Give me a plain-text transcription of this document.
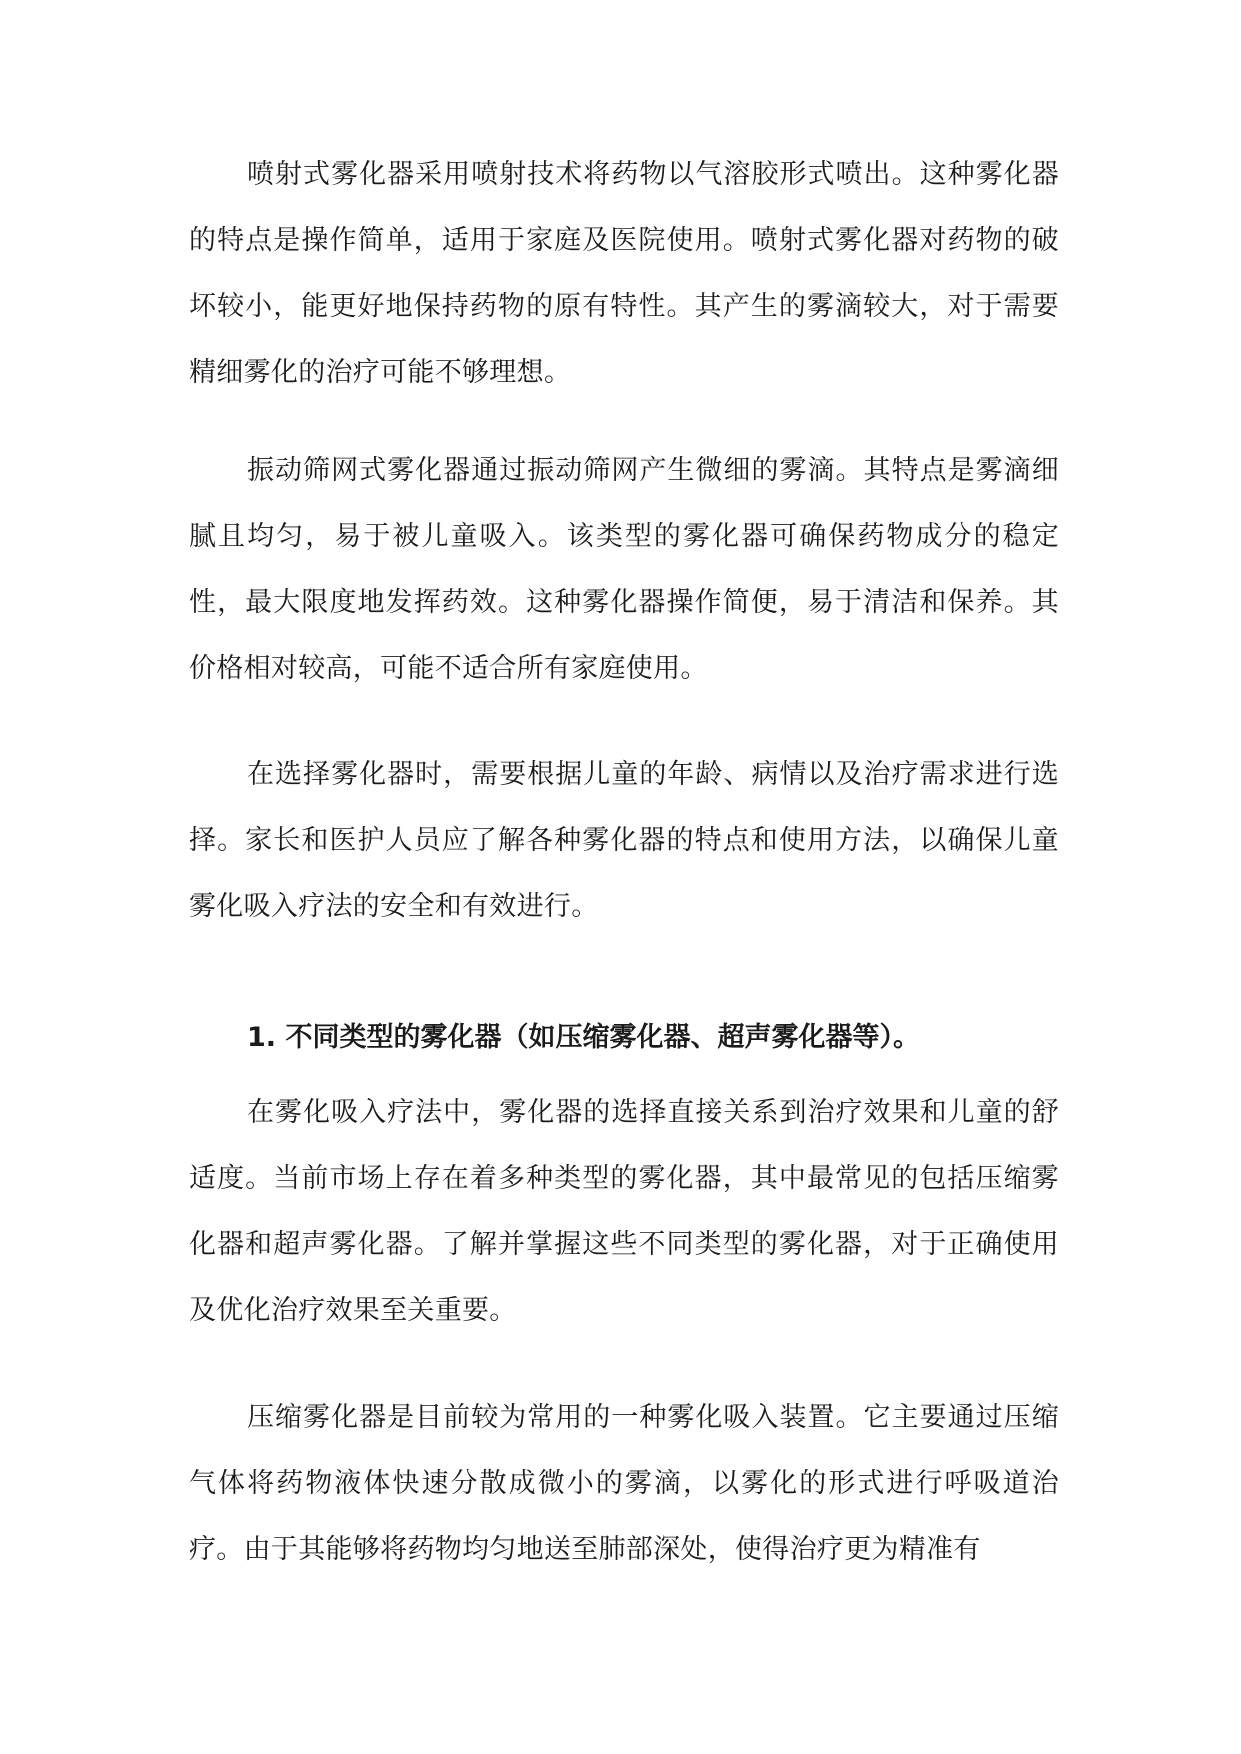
喷射式雾化器采用喷射技术将药物以气溶胶形式喷出。这种雾化器的特点是操作简单，适用于家庭及医院使用。喷射式雾化器对药物的破坏较小，能更好地保持药物的原有特性。其产生的雾滴较大，对于需要精细雾化的治疗可能不够理想。

振动筛网式雾化器通过振动筛网产生微细的雾滴。其特点是雾滴细腻且均匀，易于被儿童吸入。该类型的雾化器可确保药物成分的稳定性，最大限度地发挥药效。这种雾化器操作简便，易于清洁和保养。其价格相对较高，可能不适合所有家庭使用。

在选择雾化器时，需要根据儿童的年龄、病情以及治疗需求进行选择。家长和医护人员应了解各种雾化器的特点和使用方法，以确保儿童雾化吸入疗法的安全和有效进行。

1. 不同类型的雾化器（如压缩雾化器、超声雾化器等）。

在雾化吸入疗法中，雾化器的选择直接关系到治疗效果和儿童的舒适度。当前市场上存在着多种类型的雾化器，其中最常见的包括压缩雾化器和超声雾化器。了解并掌握这些不同类型的雾化器，对于正确使用及优化治疗效果至关重要。

压缩雾化器是目前较为常用的一种雾化吸入装置。它主要通过压缩气体将药物液体快速分散成微小的雾滴，以雾化的形式进行呼吸道治疗。由于其能够将药物均匀地送至肺部深处，使得治疗更为精准有
